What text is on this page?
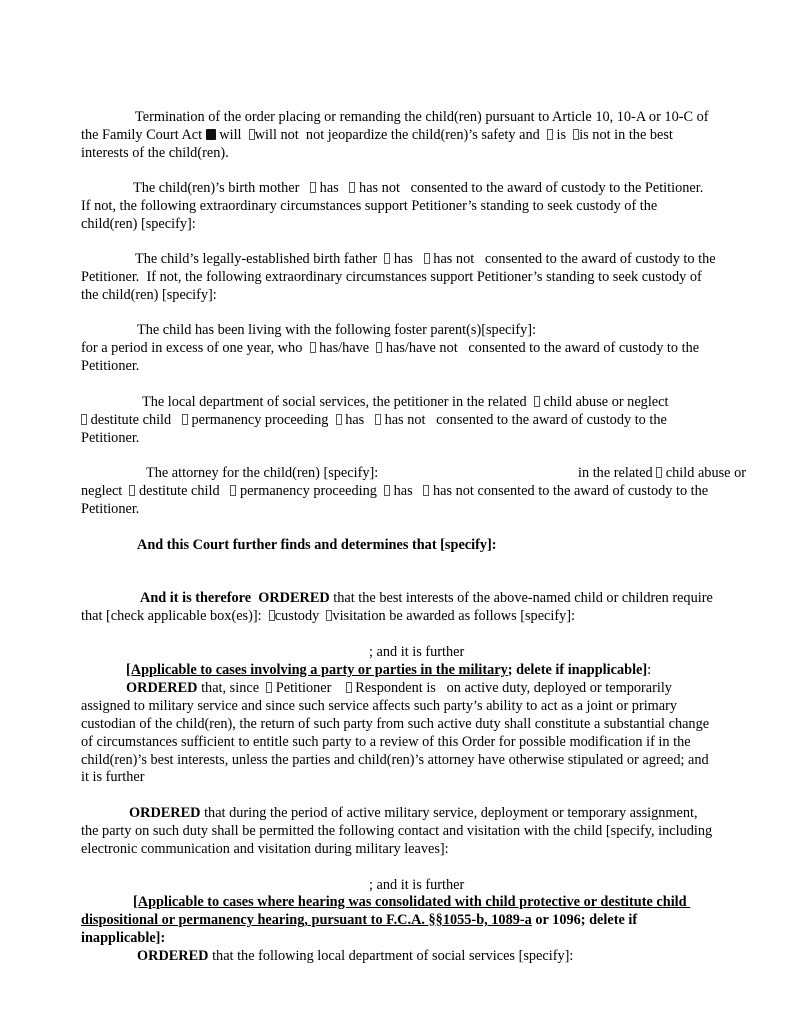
Termination of the order placing or remanding the child(ren) pursuant to Article 10, 10-A or 10-C of
the Family Court Act will will not  not jeopardize the child(ren)’s safety and is is not in the best
interests of the child(ren).
The child(ren)’s birth mother has has not   consented to the award of custody to the Petitioner.
If not, the following extraordinary circumstances support Petitioner’s standing to seek custody of the
child(ren) [specify]:
The child’s legally-established birth father has has not   consented to the award of custody to the
Petitioner.  If not, the following extraordinary circumstances support Petitioner’s standing to seek custody of
the child(ren) [specify]:
The child has been living with the following foster parent(s)[specify]:
for a period in excess of one year, who has/have has/have not   consented to the award of custody to the
Petitioner.
The local department of social services, the petitioner in the related child abuse or neglect
destitute child permanency proceeding has has not   consented to the award of custody to the
Petitioner.
The attorney for the child(ren) [specify]:	in the related child abuse or
neglect destitute child permanency proceeding has has not consented to the award of custody to the
Petitioner.
And this Court further finds and determines that [specify]:
And it is therefore  ORDERED that the best interests of the above-named child or children require
that [check applicable box(es)]: custody visitation be awarded as follows [specify]:
; and it is further
[Applicable to cases involving a party or parties in the military; delete if inapplicable]:
ORDERED that, since Petitioner Respondent is   on active duty, deployed or temporarily
assigned to military service and since such service affects such party’s ability to act as a joint or primary
custodian of the child(ren), the return of such party from such active duty shall constitute a substantial change
of circumstances sufficient to entitle such party to a review of this Order for possible modification if in the
child(ren)’s best interests, unless the parties and child(ren)’s attorney have otherwise stipulated or agreed; and
it is further
ORDERED that during the period of active military service, deployment or temporary assignment,
the party on such duty shall be permitted the following contact and visitation with the child [specify, including
electronic communication and visitation during military leaves]:
; and it is further
[Applicable to cases where hearing was consolidated with child protective or destitute child
dispositional or permanency hearing, pursuant to F.C.A. §§1055-b, 1089-a or 1096; delete if
inapplicable]:
ORDERED that the following local department of social services [specify]:
